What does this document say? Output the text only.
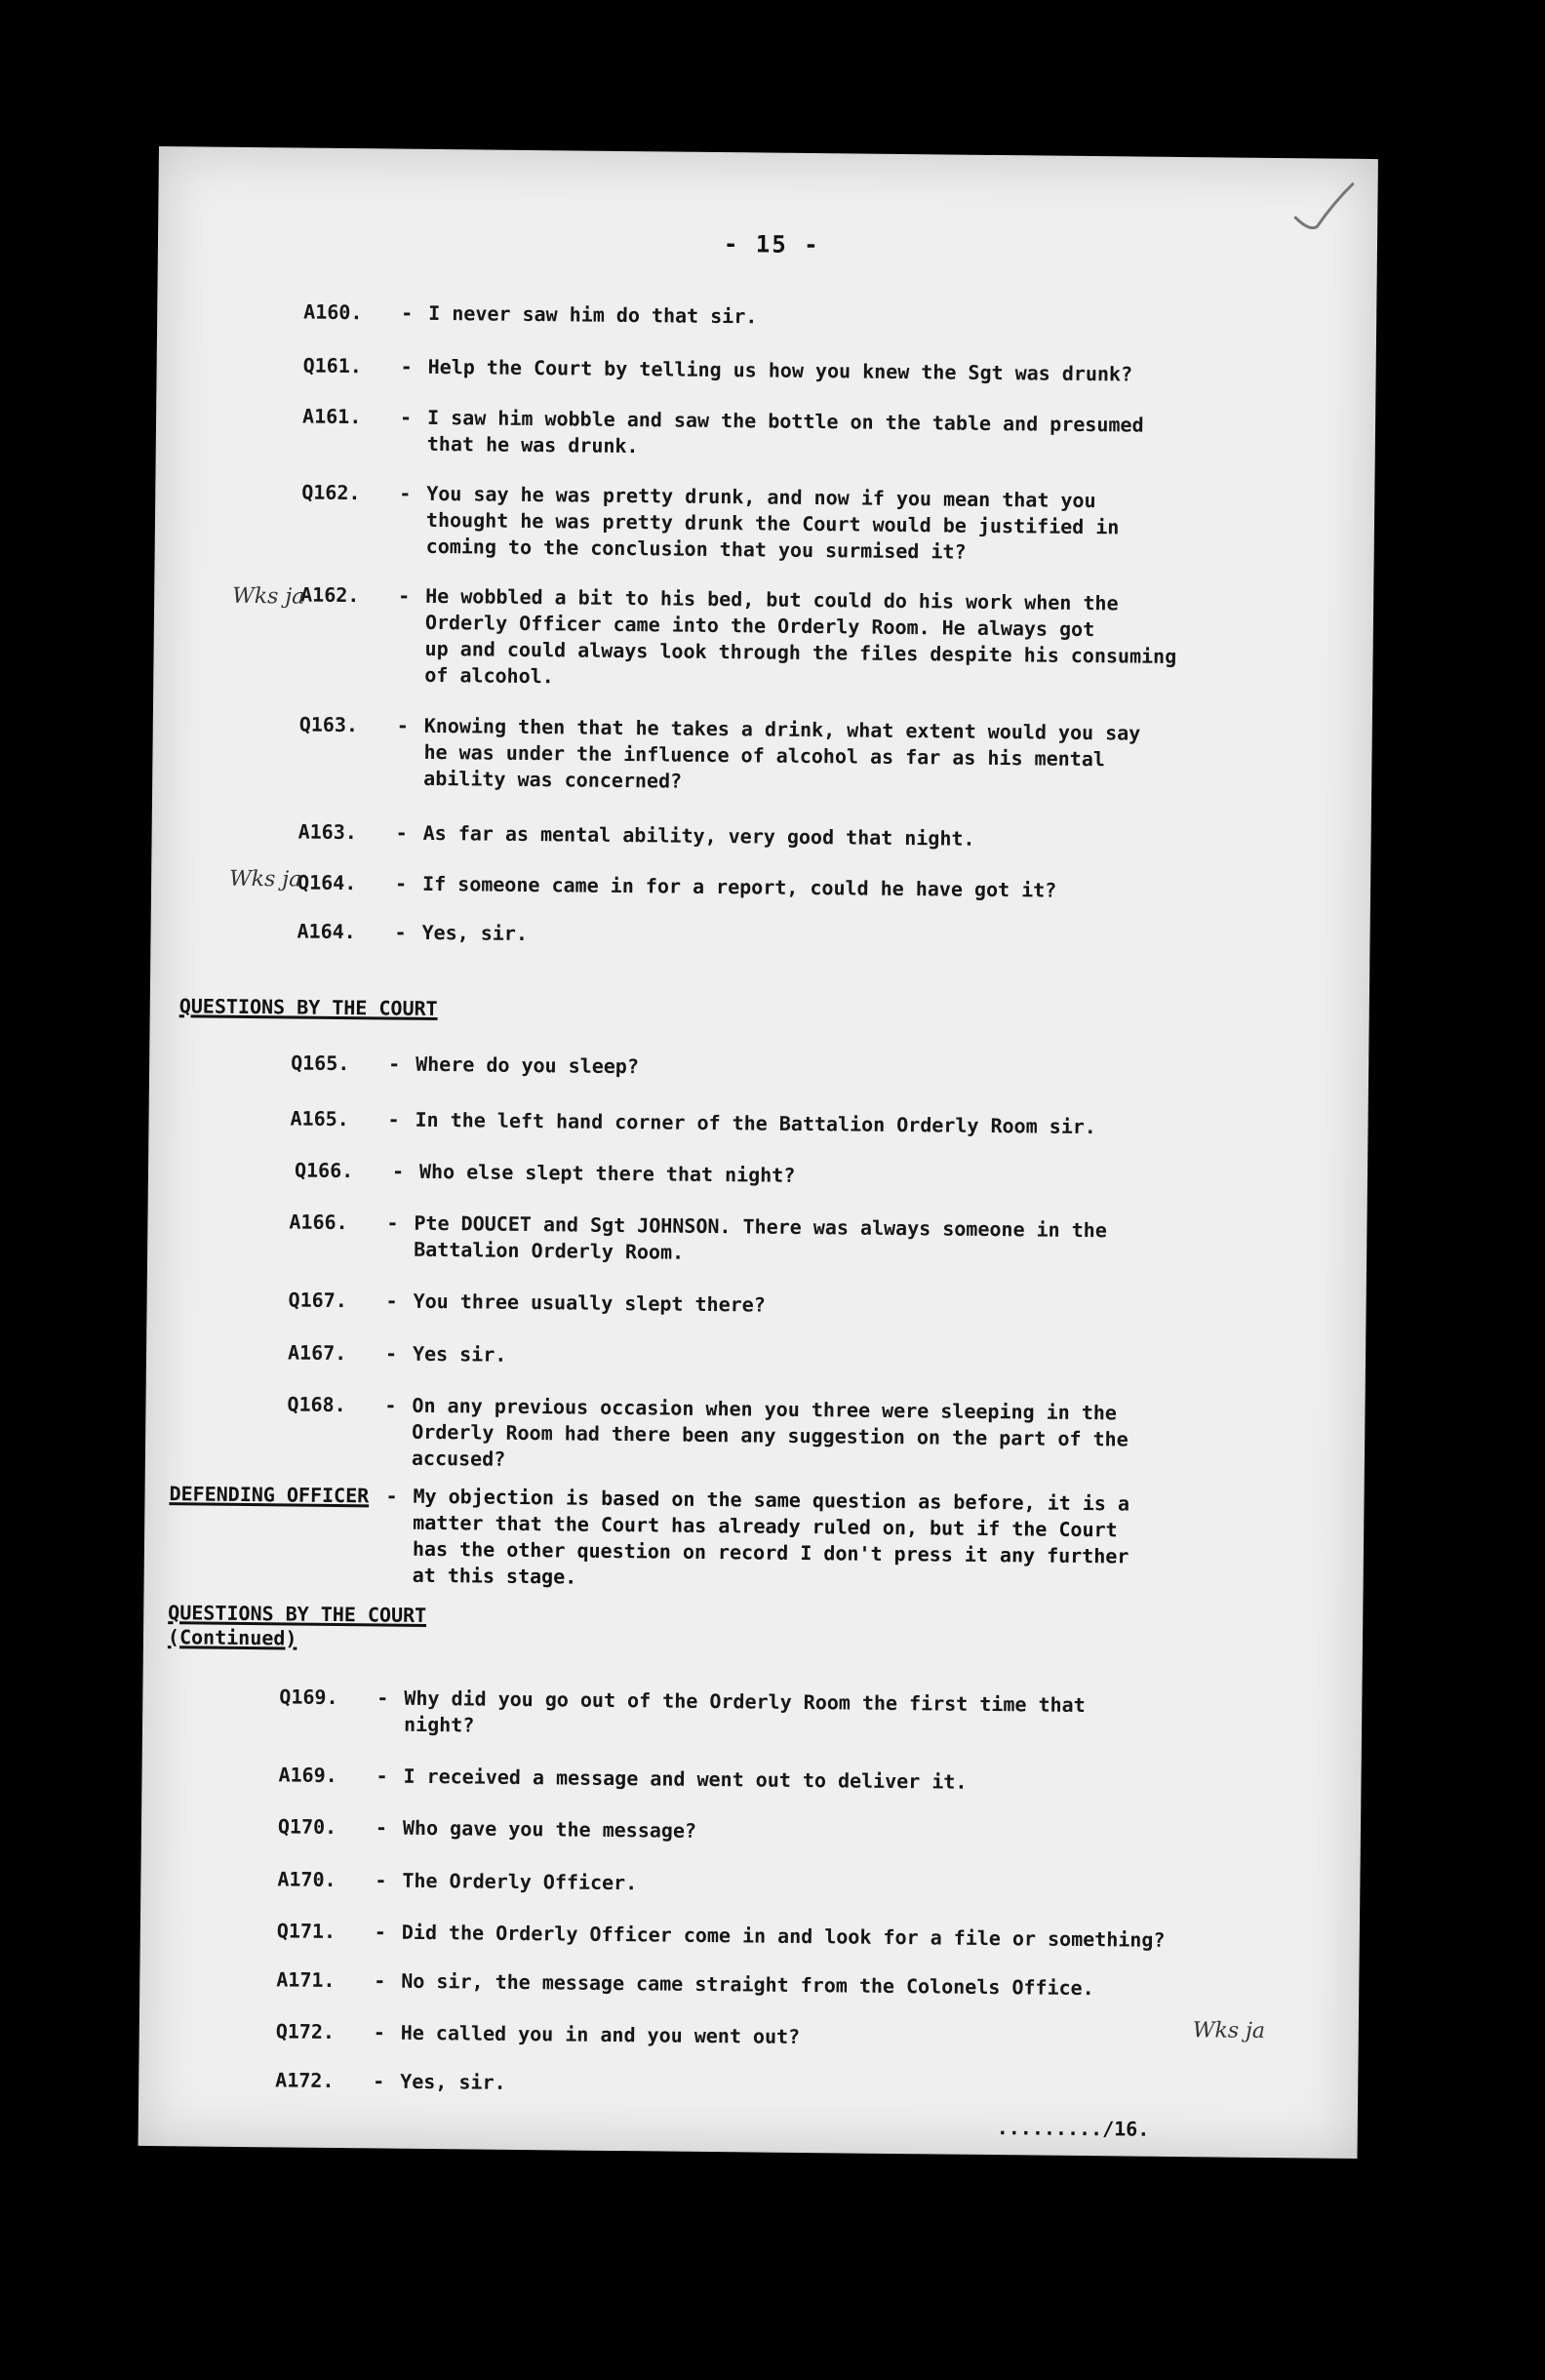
- 15 -
A160.	- I never saw him do that sir.
Q161.	- Help the Court by telling us how you knew the Sgt was drunk?
A161.	- I saw him wobble and saw the bottle on the table and presumed
that he was drunk.
Q162.	- You say he was pretty drunk, and now if you mean that you
thought he was pretty drunk the Court would be justified in
coming to the conclusion that you surmised it?
A162.	- He wobbled a bit to his bed, but could do his work when the
Orderly Officer came into the Orderly Room. He always got
up and could always look through the files despite his consuming
of alcohol.
Q163.	- Knowing then that he takes a drink, what extent would you say
he was under the influence of alcohol as far as his mental
ability was concerned?
A163.	- As far as mental ability, very good that night.
Q164.	- If someone came in for a report, could he have got it?
A164.	- Yes, sir.
Wks ja
Wks ja
QUESTIONS BY THE COURT
Q165.	- Where do you sleep?
A165.	- In the left hand corner of the Battalion Orderly Room sir.
Q166.	- Who else slept there that night?
A166.	- Pte DOUCET and Sgt JOHNSON. There was always someone in the
Battalion Orderly Room.
Q167.	- You three usually slept there?
A167.	- Yes sir.
Q168.	- On any previous occasion when you three were sleeping in the
Orderly Room had there been any suggestion on the part of the
accused?
DEFENDING OFFICER - My objection is based on the same question as before, it is a
matter that the Court has already ruled on, but if the Court
has the other question on record I don't press it any further
at this stage.
QUESTIONS BY THE COURT
(Continued)
Q169.	- Why did you go out of the Orderly Room the first time that
night?
A169.	- I received a message and went out to deliver it.
Q170.	- Who gave you the message?
A170.	- The Orderly Officer.
Q171.	- Did the Orderly Officer come in and look for a file or something?
A171.	- No sir, the message came straight from the Colonels Office.
Q172.	- He called you in and you went out?
A172.	- Yes, sir.
Wks ja
........./16.
